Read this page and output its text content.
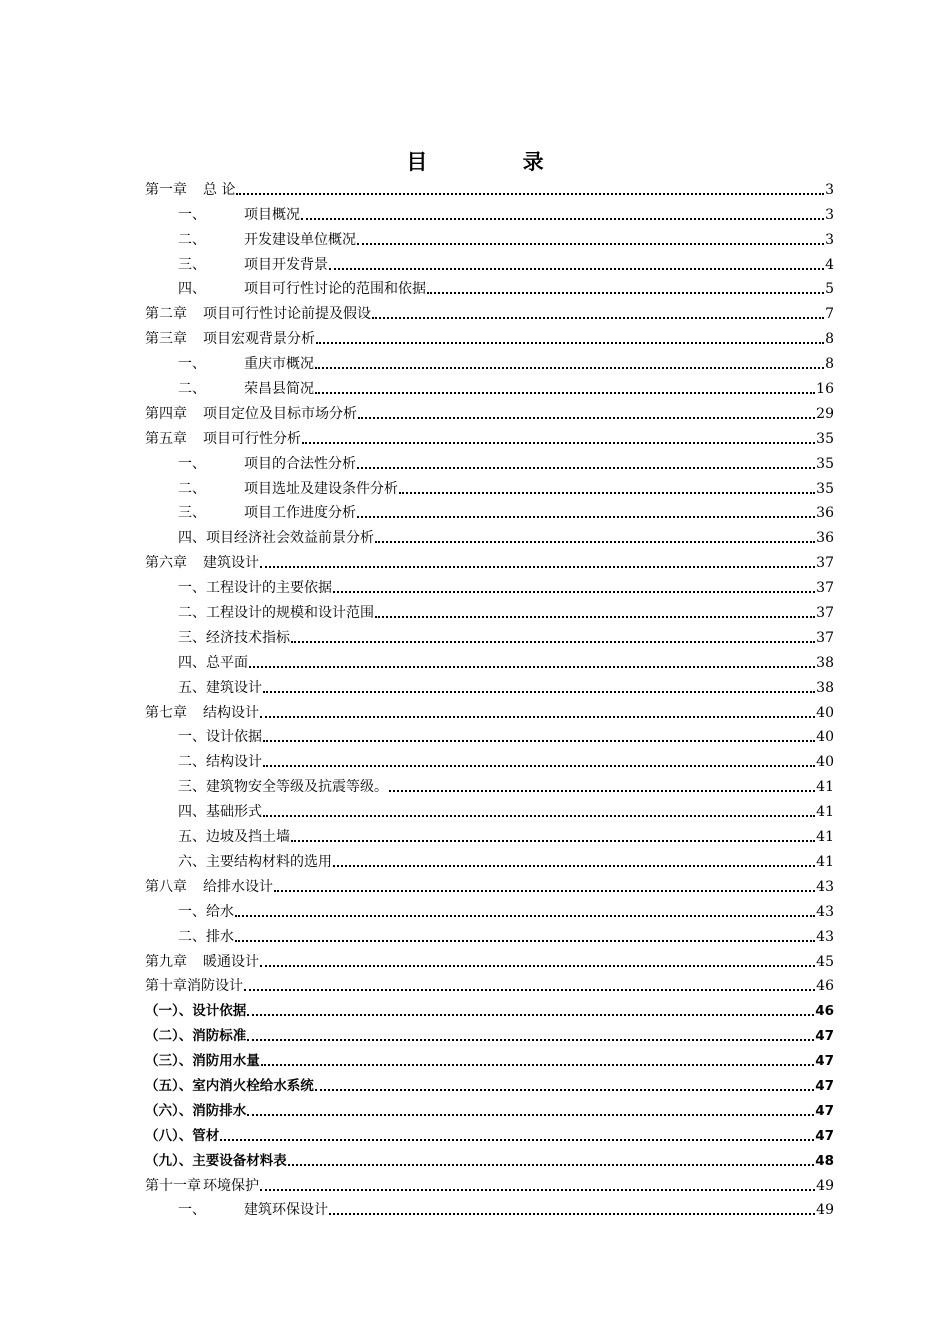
目 录
第一章	总 论	3
一、	项目概况	3
二、	开发建设单位概况	3
三、	项目开发背景	4
四、	项目可行性讨论的范围和依据	5
第二章	项目可行性讨论前提及假设	7
第三章	项目宏观背景分析	8
一、	重庆市概况	8
二、	荣昌县简况	16
第四章	项目定位及目标市场分析	29
第五章	项目可行性分析	35
一、	项目的合法性分析	35
二、	项目选址及建设条件分析	35
三、	项目工作进度分析	36
四、 项目经济社会效益前景分析	36
第六章	建筑设计	37
一、 工程设计的主要依据	37
二、 工程设计的规模和设计范围	37
三、 经济技术指标	37
四、 总平面	38
五、 建筑设计	38
第七章	结构设计	40
一、 设计依据	40
二、 结构设计	40
三、 建筑物安全等级及抗震等级。	41
四、 基础形式	41
五、 边坡及挡土墙	41
六、 主要结构材料的选用	41
第八章	给排水设计	43
一、 给水	43
二、 排水	43
第九章	暖通设计	45
第十章 消防设计	46
（一）、 设计依据	46
（二）、 消防标准	47
（三）、 消防用水量	47
（五）、 室内消火栓给水系统	47
（六）、 消防排水	47
（八）、 管材	47
（九）、 主要设备材料表	48
第十一章 环境保护	49
一、	建筑环保设计	49
